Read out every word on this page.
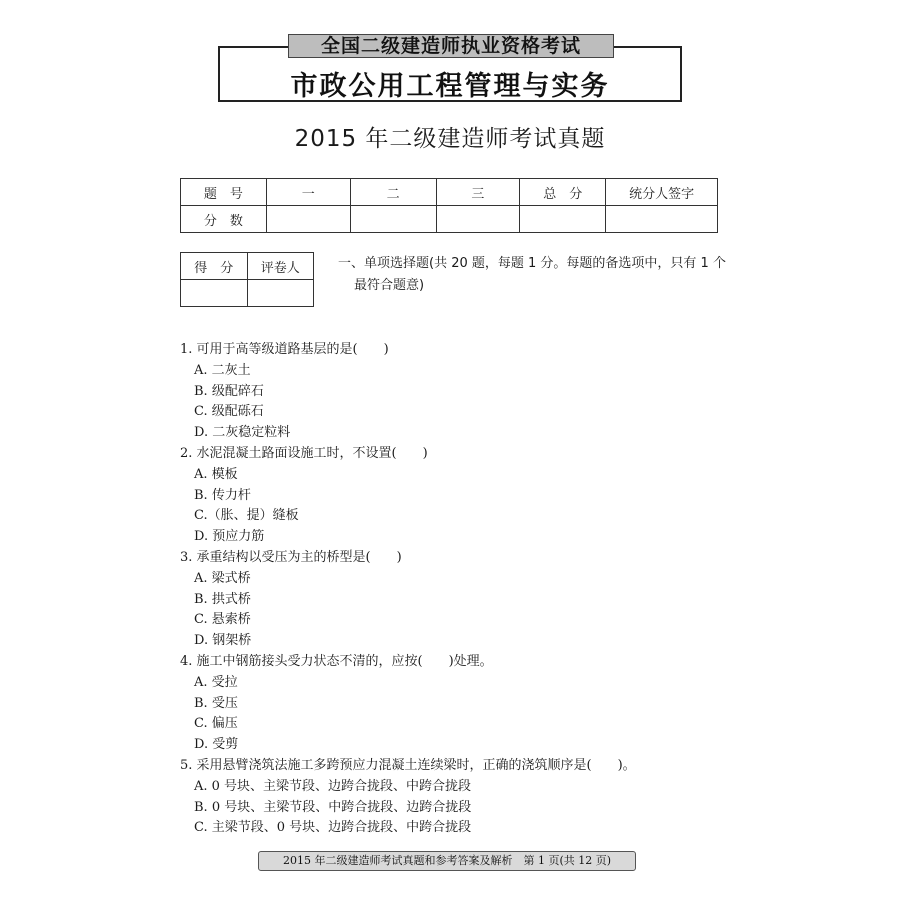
全国二级建造师执业资格考试
市政公用工程管理与实务
2015 年二级建造师考试真题
题　号	一	二	三	总　分	统分人签字
分　数					
得　分	评卷人
		一、单项选择题(共 20 题，每题 1 分。每题的备选项中，只有 1 个
最符合题意)
1. 可用于高等级道路基层的是(　　)
A. 二灰土
B. 级配碎石
C. 级配砾石
D. 二灰稳定粒料
2. 水泥混凝土路面设施工时，不设置(　　)
A. 模板
B. 传力杆
C.（胀、提）缝板
D. 预应力筋
3. 承重结构以受压为主的桥型是(　　)
A. 梁式桥
B. 拱式桥
C. 悬索桥
D. 钢架桥
4. 施工中钢筋接头受力状态不清的，应按(　　)处理。
A. 受拉
B. 受压
C. 偏压
D. 受剪
5. 采用悬臂浇筑法施工多跨预应力混凝土连续梁时，正确的浇筑顺序是(　　)。
A. 0 号块、主梁节段、边跨合拢段、中跨合拢段
B. 0 号块、主梁节段、中跨合拢段、边跨合拢段
C. 主梁节段、0 号块、边跨合拢段、中跨合拢段
2015 年二级建造师考试真题和参考答案及解析　第 1 页(共 12 页)
